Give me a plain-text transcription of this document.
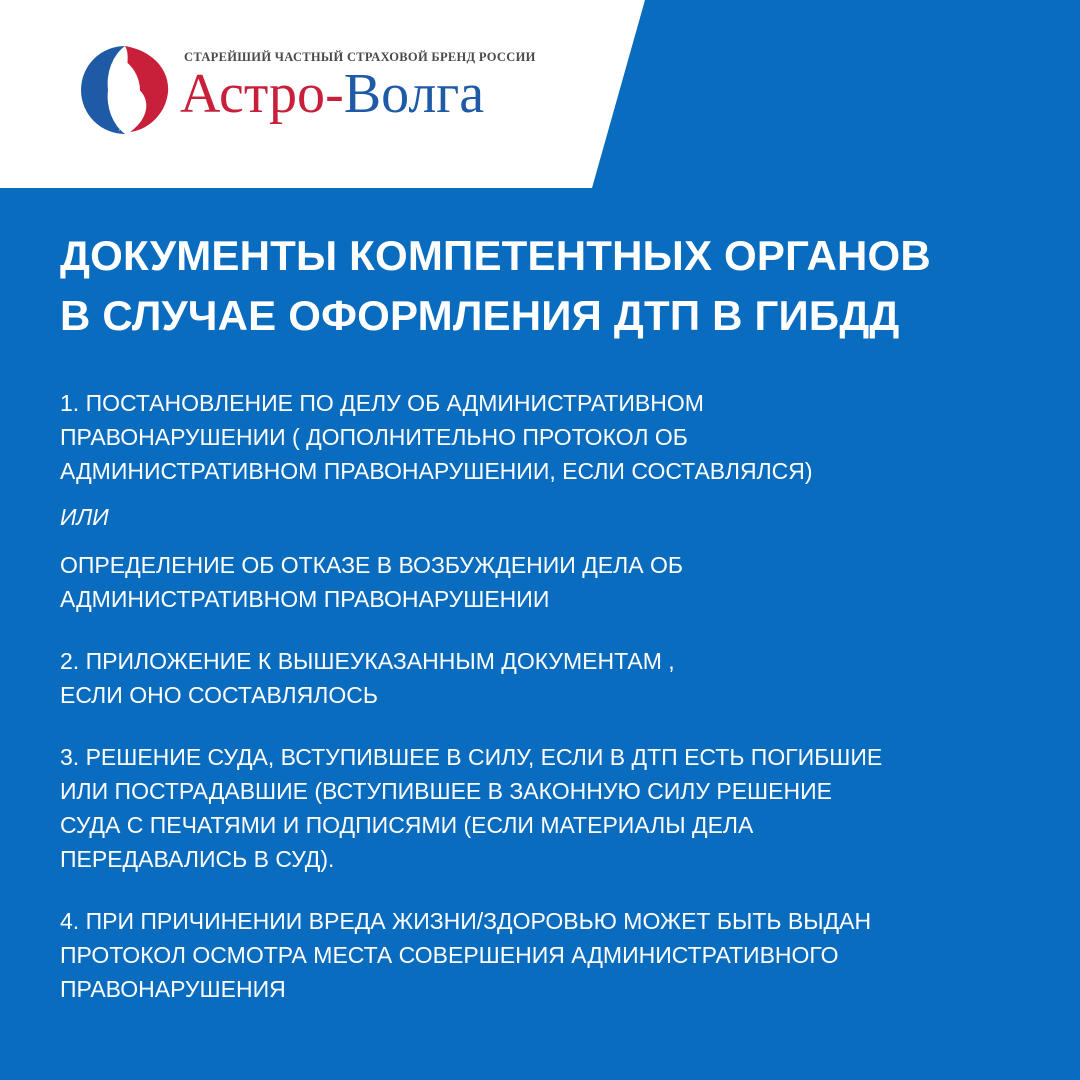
СТАРЕЙШИЙ ЧАСТНЫЙ СТРАХОВОЙ БРЕНД РОССИИ
Астро-Волга
ДОКУМЕНТЫ КОМПЕТЕНТНЫХ ОРГАНОВ
В СЛУЧАЕ ОФОРМЛЕНИЯ ДТП В ГИБДД
1. ПОСТАНОВЛЕНИЕ ПО ДЕЛУ ОБ АДМИНИСТРАТИВНОМ
ПРАВОНАРУШЕНИИ ( ДОПОЛНИТЕЛЬНО ПРОТОКОЛ ОБ
АДМИНИСТРАТИВНОМ ПРАВОНАРУШЕНИИ, ЕСЛИ СОСТАВЛЯЛСЯ)
ИЛИ
ОПРЕДЕЛЕНИЕ ОБ ОТКАЗЕ В ВОЗБУЖДЕНИИ ДЕЛА ОБ
АДМИНИСТРАТИВНОМ ПРАВОНАРУШЕНИИ
2. ПРИЛОЖЕНИЕ К ВЫШЕУКАЗАННЫМ ДОКУМЕНТАМ ,
ЕСЛИ ОНО СОСТАВЛЯЛОСЬ
3. РЕШЕНИЕ СУДА, ВСТУПИВШЕЕ В СИЛУ, ЕСЛИ В ДТП ЕСТЬ ПОГИБШИЕ
ИЛИ ПОСТРАДАВШИЕ (ВСТУПИВШЕЕ В ЗАКОННУЮ СИЛУ РЕШЕНИЕ
СУДА С ПЕЧАТЯМИ И ПОДПИСЯМИ (ЕСЛИ МАТЕРИАЛЫ ДЕЛА
ПЕРЕДАВАЛИСЬ В СУД).
4. ПРИ ПРИЧИНЕНИИ ВРЕДА ЖИЗНИ/ЗДОРОВЬЮ МОЖЕТ БЫТЬ ВЫДАН
ПРОТОКОЛ ОСМОТРА МЕСТА СОВЕРШЕНИЯ АДМИНИСТРАТИВНОГО
ПРАВОНАРУШЕНИЯ
